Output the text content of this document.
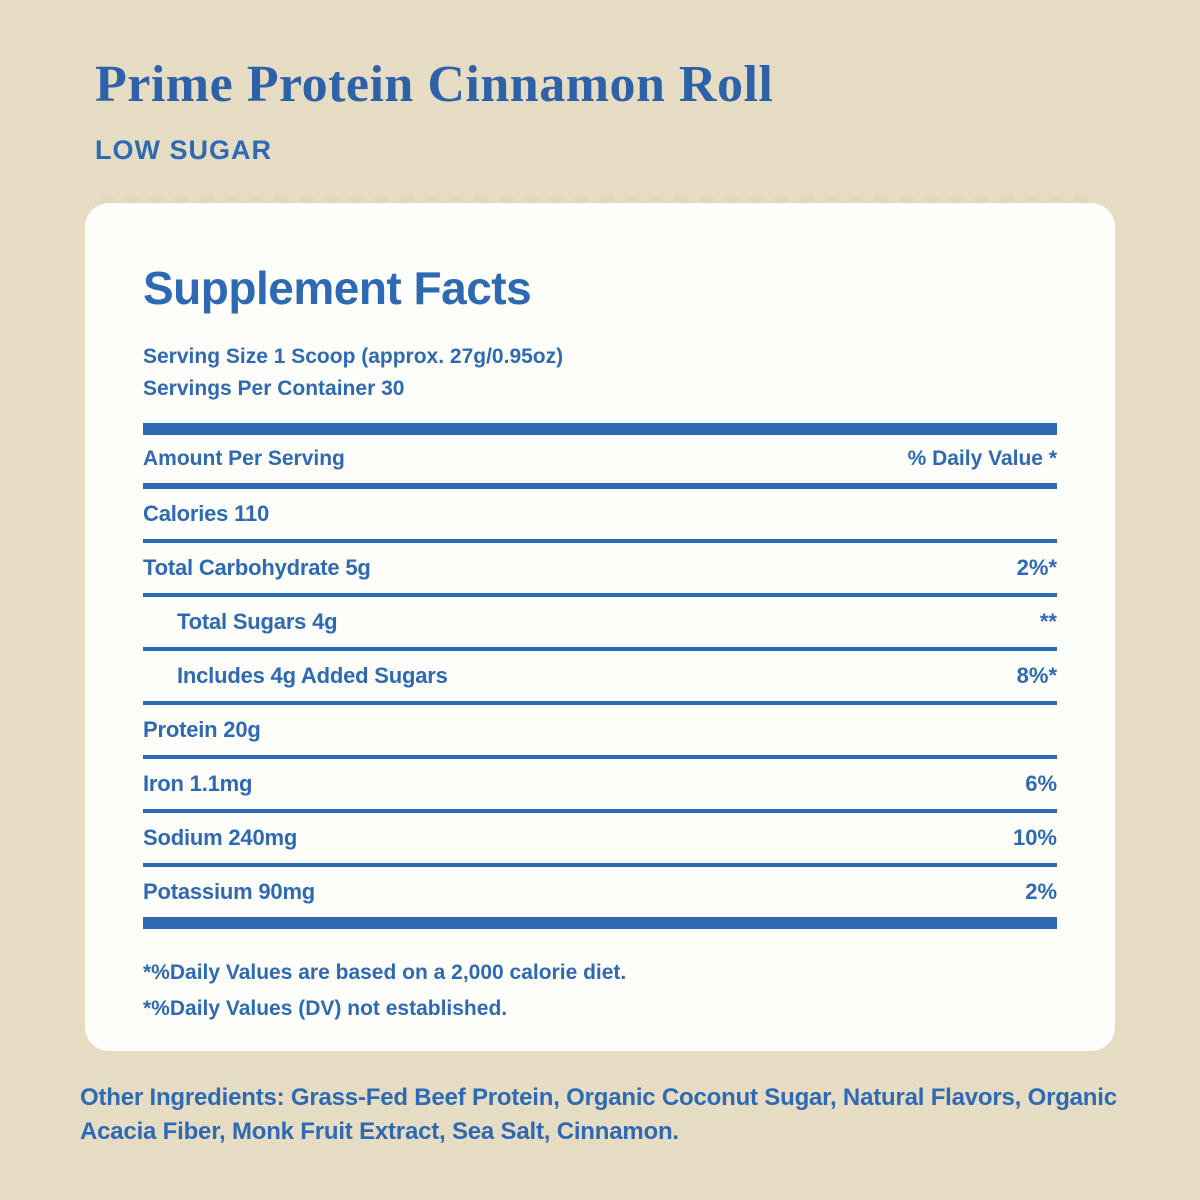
Prime Protein Cinnamon Roll
LOW SUGAR
Supplement Facts
Serving Size 1 Scoop (approx. 27g/0.95oz)
Servings Per Container 30
Amount Per Serving	% Daily Value *
Calories 110
Total Carbohydrate 5g	2%*
Total Sugars 4g	**
Includes 4g Added Sugars	8%*
Protein 20g
Iron 1.1mg	6%
Sodium 240mg	10%
Potassium 90mg	2%
*%Daily Values are based on a 2,000 calorie diet.
*%Daily Values (DV) not established.
Other Ingredients: Grass-Fed Beef Protein, Organic Coconut Sugar, Natural Flavors, Organic Acacia Fiber, Monk Fruit Extract, Sea Salt, Cinnamon.
